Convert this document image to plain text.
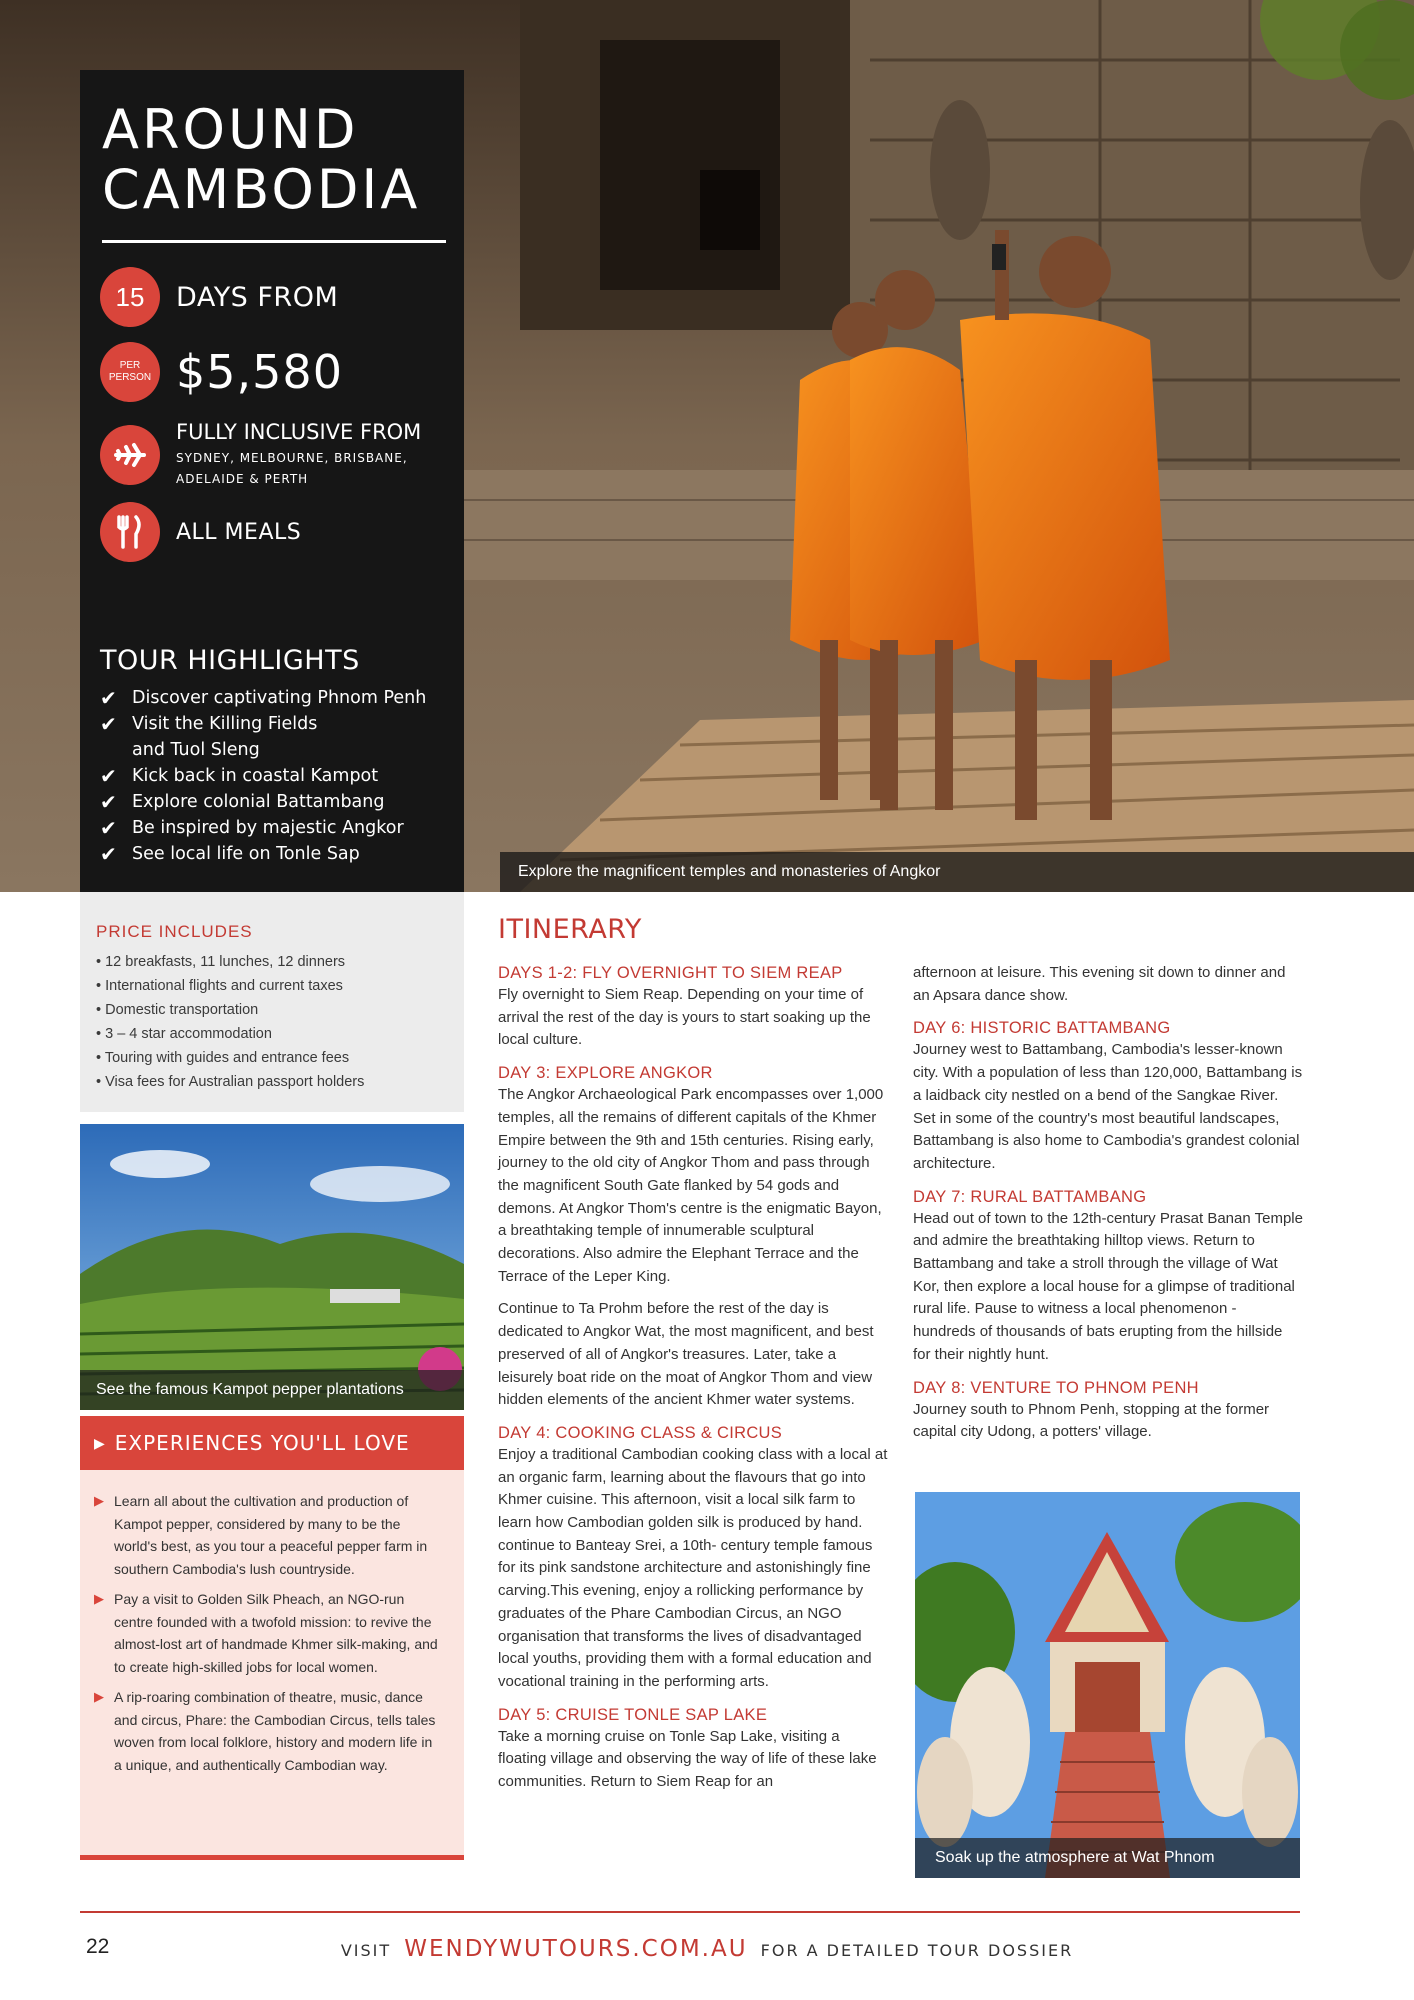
Explore the magnificent temples and monasteries of Angkor
AROUND
CAMBODIA
15	DAYS FROM
PER PERSON $5,580
FULLY INCLUSIVE FROM
SYDNEY, MELBOURNE, BRISBANE,
ADELAIDE & PERTH
ALL MEALS
TOUR HIGHLIGHTS
✔ Discover captivating Phnom Penh
✔ Visit the Killing Fields and Tuol Sleng
✔ Kick back in coastal Kampot
✔ Explore colonial Battambang
✔ Be inspired by majestic Angkor
✔ See local life on Tonle Sap
PRICE INCLUDES
• 12 breakfasts, 11 lunches, 12 dinners
• International flights and current taxes
• Domestic transportation
• 3 – 4 star accommodation
• Touring with guides and entrance fees
• Visa fees for Australian passport holders
See the famous Kampot pepper plantations
▶ EXPERIENCES YOU'LL LOVE
▶ Learn all about the cultivation and production of Kampot pepper, considered by many to be the world's best, as you tour a peaceful pepper farm in southern Cambodia's lush countryside.
▶ Pay a visit to Golden Silk Pheach, an NGO-run centre founded with a twofold mission: to revive the almost-lost art of handmade Khmer silk-making, and to create high-skilled jobs for local women.
▶ A rip-roaring combination of theatre, music, dance and circus, Phare: the Cambodian Circus, tells tales woven from local folklore, history and modern life in a unique, and authentically Cambodian way.
ITINERARY
DAYS 1-2: FLY OVERNIGHT TO SIEM REAP
Fly overnight to Siem Reap. Depending on your time of arrival the rest of the day is yours to start soaking up the local culture.
DAY 3: EXPLORE ANGKOR
The Angkor Archaeological Park encompasses over 1,000 temples, all the remains of different capitals of the Khmer Empire between the 9th and 15th centuries. Rising early, journey to the old city of Angkor Thom and pass through the magnificent South Gate flanked by 54 gods and demons. At Angkor Thom's centre is the enigmatic Bayon, a breathtaking temple of innumerable sculptural decorations. Also admire the Elephant Terrace and the Terrace of the Leper King.
Continue to Ta Prohm before the rest of the day is dedicated to Angkor Wat, the most magnificent, and best preserved of all of Angkor's treasures. Later, take a leisurely boat ride on the moat of Angkor Thom and view hidden elements of the ancient Khmer water systems.
DAY 4: COOKING CLASS & CIRCUS
Enjoy a traditional Cambodian cooking class with a local at an organic farm, learning about the flavours that go into Khmer cuisine. This afternoon, visit a local silk farm to learn how Cambodian golden silk is produced by hand. continue to Banteay Srei, a 10th- century temple famous for its pink sandstone architecture and astonishingly fine carving.This evening, enjoy a rollicking performance by graduates of the Phare Cambodian Circus, an NGO organisation that transforms the lives of disadvantaged local youths, providing them with a formal education and vocational training in the performing arts.
DAY 5: CRUISE TONLE SAP LAKE
Take a morning cruise on Tonle Sap Lake, visiting a floating village and observing the way of life of these lake communities. Return to Siem Reap for an
afternoon at leisure. This evening sit down to dinner and an Apsara dance show.
DAY 6: HISTORIC BATTAMBANG
Journey west to Battambang, Cambodia's lesser-known city. With a population of less than 120,000, Battambang is a laidback city nestled on a bend of the Sangkae River. Set in some of the country's most beautiful landscapes, Battambang is also home to Cambodia's grandest colonial architecture.
DAY 7: RURAL BATTAMBANG
Head out of town to the 12th-century Prasat Banan Temple and admire the breathtaking hilltop views. Return to Battambang and take a stroll through the village of Wat Kor, then explore a local house for a glimpse of traditional rural life. Pause to witness a local phenomenon - hundreds of thousands of bats erupting from the hillside for their nightly hunt.
DAY 8: VENTURE TO PHNOM PENH
Journey south to Phnom Penh, stopping at the former capital city Udong, a potters' village.
Soak up the atmosphere at Wat Phnom
22	VISIT WENDYWUTOURS.COM.AU FOR A DETAILED TOUR DOSSIER
